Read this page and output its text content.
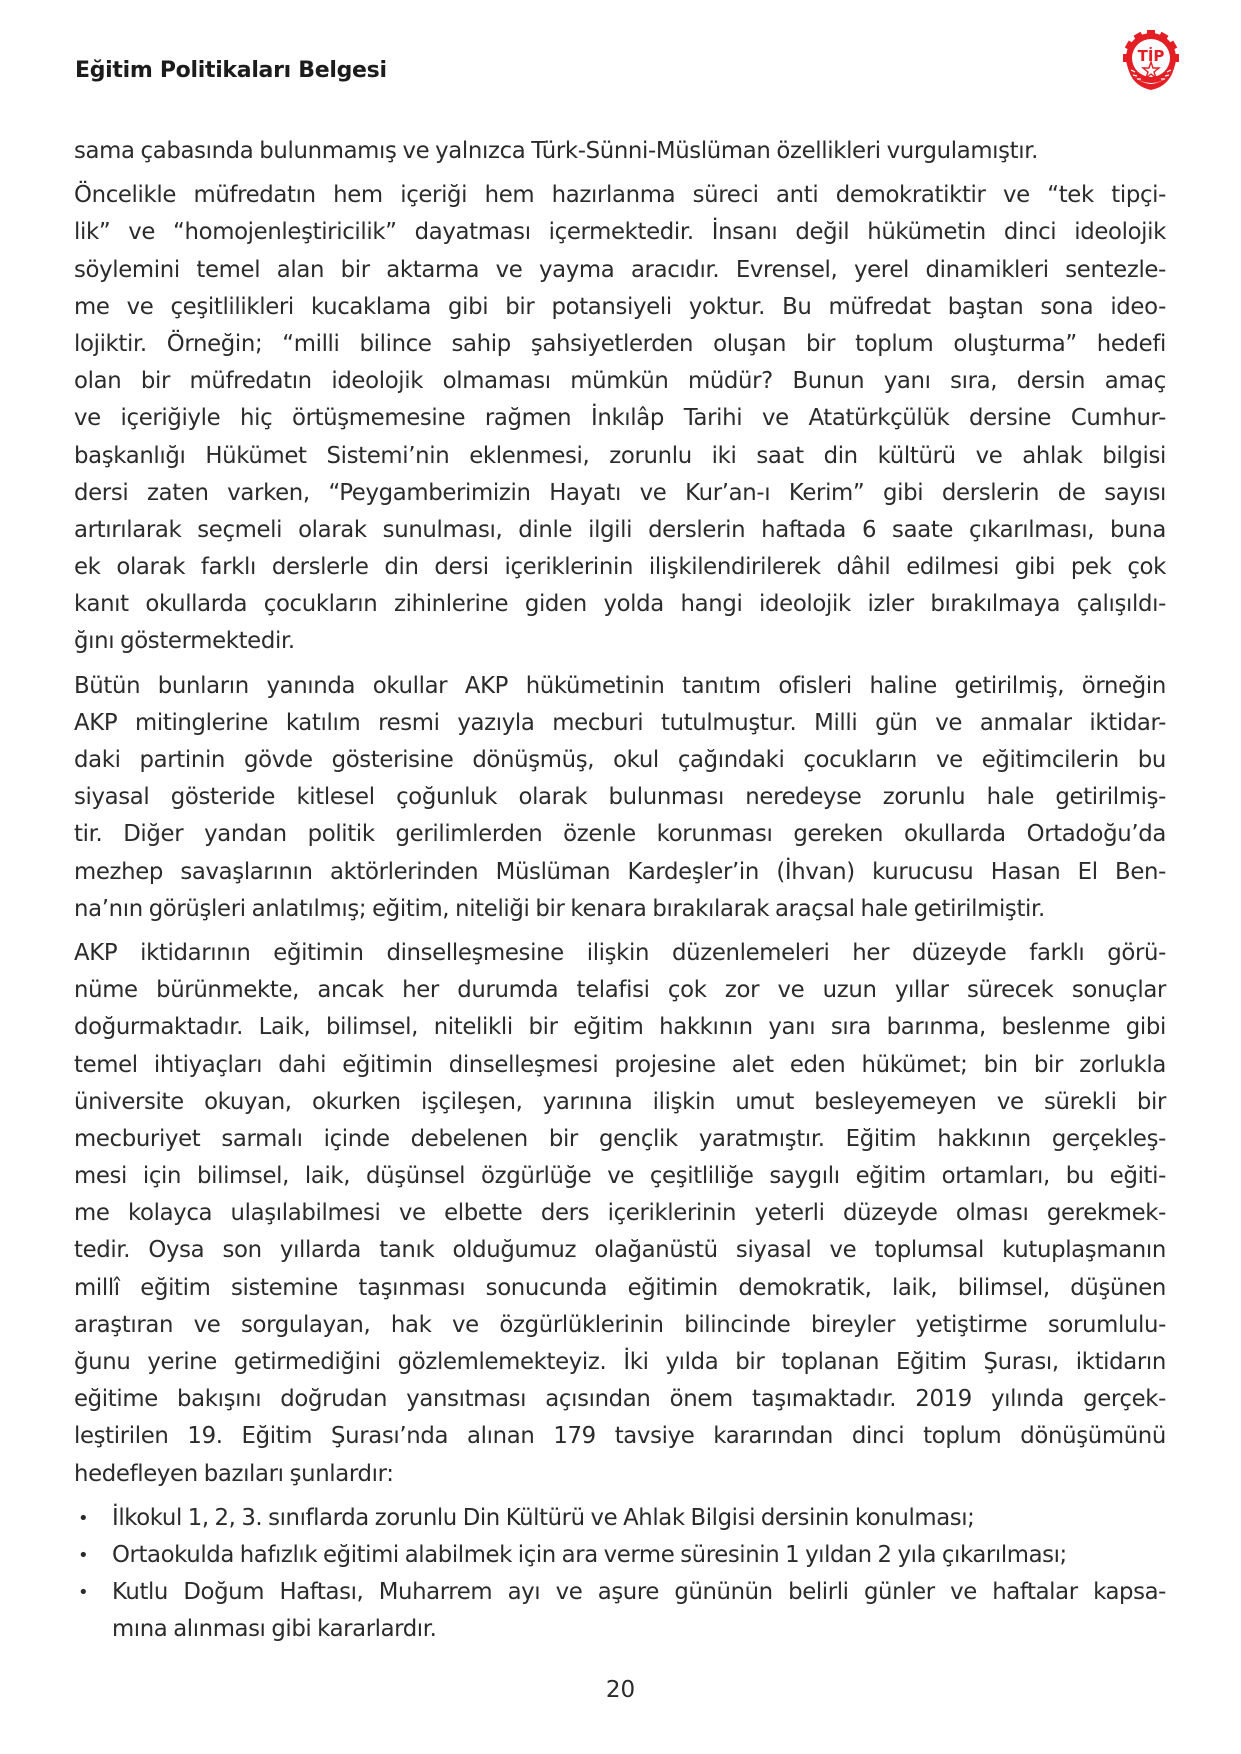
Eğitim Politikaları Belgesi
TİP
sama çabasında bulunmamış ve yalnızca Türk-Sünni-Müslüman özellikleri vurgulamıştır.
Öncelikle müfredatın hem içeriği hem hazırlanma süreci anti demokratiktir ve “tek tipçi-
lik” ve “homojenleştiricilik” dayatması içermektedir. İnsanı değil hükümetin dinci ideolojik
söylemini temel alan bir aktarma ve yayma aracıdır. Evrensel, yerel dinamikleri sentezle-
me ve çeşitlilikleri kucaklama gibi bir potansiyeli yoktur. Bu müfredat baştan sona ideo-
lojiktir. Örneğin; “milli bilince sahip şahsiyetlerden oluşan bir toplum oluşturma” hedefi
olan bir müfredatın ideolojik olmaması mümkün müdür? Bunun yanı sıra, dersin amaç
ve içeriğiyle hiç örtüşmemesine rağmen İnkılâp Tarihi ve Atatürkçülük dersine Cumhur-
başkanlığı Hükümet Sistemi’nin eklenmesi, zorunlu iki saat din kültürü ve ahlak bilgisi
dersi zaten varken, “Peygamberimizin Hayatı ve Kur’an-ı Kerim” gibi derslerin de sayısı
artırılarak seçmeli olarak sunulması, dinle ilgili derslerin haftada 6 saate çıkarılması, buna
ek olarak farklı derslerle din dersi içeriklerinin ilişkilendirilerek dâhil edilmesi gibi pek çok
kanıt okullarda çocukların zihinlerine giden yolda hangi ideolojik izler bırakılmaya çalışıldı-
ğını göstermektedir.
Bütün bunların yanında okullar AKP hükümetinin tanıtım ofisleri haline getirilmiş, örneğin
AKP mitinglerine katılım resmi yazıyla mecburi tutulmuştur. Milli gün ve anmalar iktidar-
daki partinin gövde gösterisine dönüşmüş, okul çağındaki çocukların ve eğitimcilerin bu
siyasal gösteride kitlesel çoğunluk olarak bulunması neredeyse zorunlu hale getirilmiş-
tir. Diğer yandan politik gerilimlerden özenle korunması gereken okullarda Ortadoğu’da
mezhep savaşlarının aktörlerinden Müslüman Kardeşler’in (İhvan) kurucusu Hasan El Ben-
na’nın görüşleri anlatılmış; eğitim, niteliği bir kenara bırakılarak araçsal hale getirilmiştir.
AKP iktidarının eğitimin dinselleşmesine ilişkin düzenlemeleri her düzeyde farklı görü-
nüme bürünmekte, ancak her durumda telafisi çok zor ve uzun yıllar sürecek sonuçlar
doğurmaktadır. Laik, bilimsel, nitelikli bir eğitim hakkının yanı sıra barınma, beslenme gibi
temel ihtiyaçları dahi eğitimin dinselleşmesi projesine alet eden hükümet; bin bir zorlukla
üniversite okuyan, okurken işçileşen, yarınına ilişkin umut besleyemeyen ve sürekli bir
mecburiyet sarmalı içinde debelenen bir gençlik yaratmıştır. Eğitim hakkının gerçekleş-
mesi için bilimsel, laik, düşünsel özgürlüğe ve çeşitliliğe saygılı eğitim ortamları, bu eğiti-
me kolayca ulaşılabilmesi ve elbette ders içeriklerinin yeterli düzeyde olması gerekmek-
tedir. Oysa son yıllarda tanık olduğumuz olağanüstü siyasal ve toplumsal kutuplaşmanın
millî eğitim sistemine taşınması sonucunda eğitimin demokratik, laik, bilimsel, düşünen
araştıran ve sorgulayan, hak ve özgürlüklerinin bilincinde bireyler yetiştirme sorumlulu-
ğunu yerine getirmediğini gözlemlemekteyiz. İki yılda bir toplanan Eğitim Şurası, iktidarın
eğitime bakışını doğrudan yansıtması açısından önem taşımaktadır. 2019 yılında gerçek-
leştirilen 19. Eğitim Şurası’nda alınan 179 tavsiye kararından dinci toplum dönüşümünü
hedefleyen bazıları şunlardır:
• İlkokul 1, 2, 3. sınıflarda zorunlu Din Kültürü ve Ahlak Bilgisi dersinin konulması;
• Ortaokulda hafızlık eğitimi alabilmek için ara verme süresinin 1 yıldan 2 yıla çıkarılması;
• Kutlu Doğum Haftası, Muharrem ayı ve aşure gününün belirli günler ve haftalar kapsa-
mına alınması gibi kararlardır.
20
